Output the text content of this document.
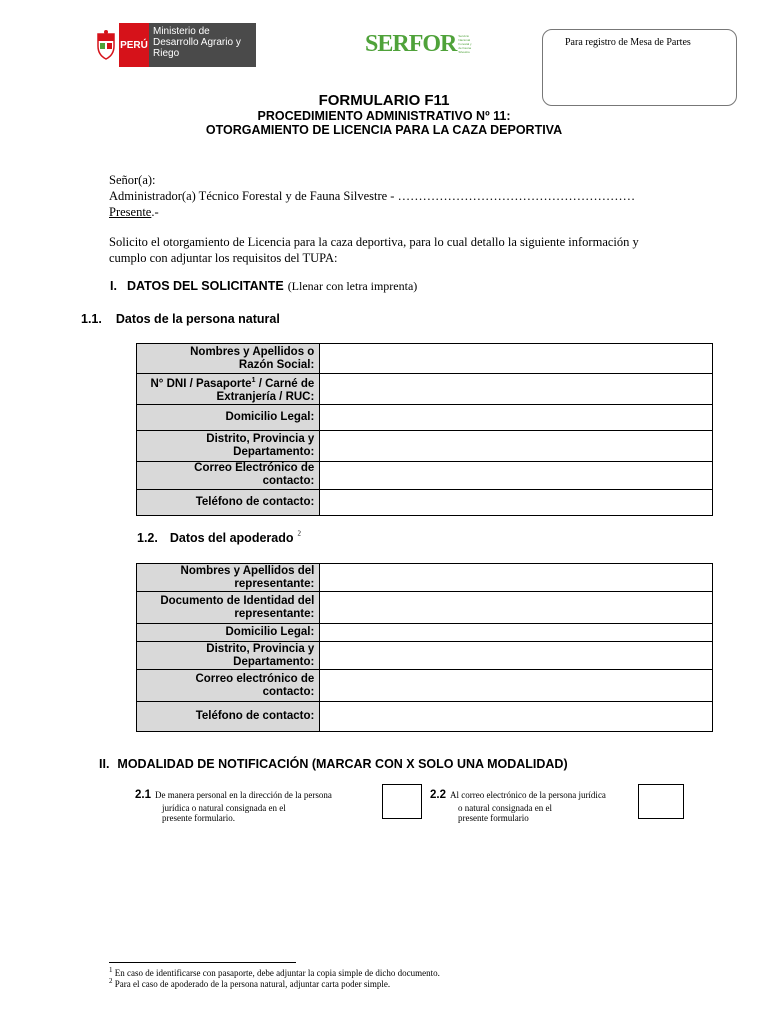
PERÚ
Ministerio de Desarrollo Agrario y Riego	SERFOR Servicio Nacional Forestal y de Fauna Silvestre
Para registro de Mesa de Partes
FORMULARIO F11
PROCEDIMIENTO ADMINISTRATIVO Nº 11:
OTORGAMIENTO DE LICENCIA PARA LA CAZA DEPORTIVA
Señor(a):
Administrador(a) Técnico Forestal y de Fauna Silvestre - …………………………………………………
Presente.-
Solicito el otorgamiento de Licencia para la caza deportiva, para lo cual detallo la siguiente información y
cumplo con adjuntar los requisitos del TUPA:
I. DATOS DEL SOLICITANTE (Llenar con letra imprenta)
1.1. Datos de la persona natural
Nombres y Apellidos o
Razón Social:	
N° DNI / Pasaporte$^1$ / Carné de
Extranjería / RUC:	
Domicilio Legal:	
Distrito, Provincia y
Departamento:	
Correo Electrónico de
contacto:	
Teléfono de contacto:	
1.2. Datos del apoderado $^2$
Nombres y Apellidos del
representante:	
Documento de Identidad del
representante:	
Domicilio Legal:	
Distrito, Provincia y
Departamento:	
Correo electrónico de
contacto:	
Teléfono de contacto:	
II. MODALIDAD DE NOTIFICACIÓN (MARCAR CON X SOLO UNA MODALIDAD)
2.1 De manera personal en la dirección de la persona
jurídica o natural consignada en el
presente formulario.
2.2 Al correo electrónico de la persona jurídica
o natural consignada en el
presente formulario
$^1$ En caso de identificarse con pasaporte, debe adjuntar la copia simple de dicho documento.
$^2$ Para el caso de apoderado de la persona natural, adjuntar carta poder simple.
